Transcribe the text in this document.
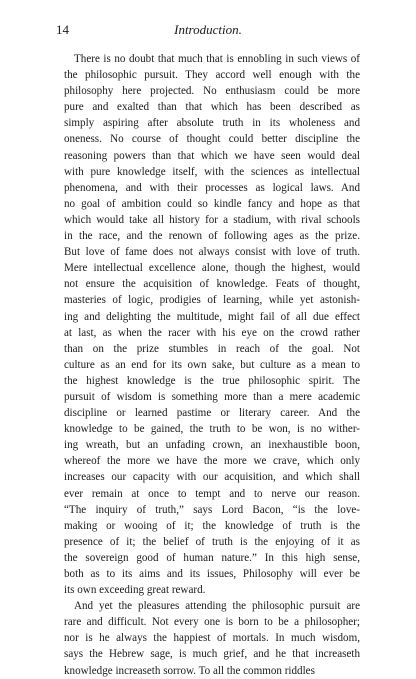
14	Introduction.
There is no doubt that much that is ennobling in such views of
the philosophic pursuit. They accord well enough with the
philosophy here projected. No enthusiasm could be more
pure and exalted than that which has been described as
simply aspiring after absolute truth in its wholeness and
oneness. No course of thought could better discipline the
reasoning powers than that which we have seen would deal
with pure knowledge itself, with the sciences as intellectual
phenomena, and with their processes as logical laws. And
no goal of ambition could so kindle fancy and hope as that
which would take all history for a stadium, with rival schools
in the race, and the renown of following ages as the prize.
But love of fame does not always consist with love of truth.
Mere intellectual excellence alone, though the highest, would
not ensure the acquisition of knowledge. Feats of thought,
masteries of logic, prodigies of learning, while yet astonish-
ing and delighting the multitude, might fail of all due effect
at last, as when the racer with his eye on the crowd rather
than on the prize stumbles in reach of the goal. Not
culture as an end for its own sake, but culture as a mean to
the highest knowledge is the true philosophic spirit. The
pursuit of wisdom is something more than a mere academic
discipline or learned pastime or literary career. And the
knowledge to be gained, the truth to be won, is no wither-
ing wreath, but an unfading crown, an inexhaustible boon,
whereof the more we have the more we crave, which only
increases our capacity with our acquisition, and which shall
ever remain at once to tempt and to nerve our reason.
“The inquiry of truth,” says Lord Bacon, “is the love-
making or wooing of it; the knowledge of truth is the
presence of it; the belief of truth is the enjoying of it as
the sovereign good of human nature.” In this high sense,
both as to its aims and its issues, Philosophy will ever be
its own exceeding great reward.
And yet the pleasures attending the philosophic pursuit are
rare and difficult. Not every one is born to be a philosopher;
nor is he always the happiest of mortals. In much wisdom,
says the Hebrew sage, is much grief, and he that increaseth
knowledge increaseth sorrow. To all the common riddles
